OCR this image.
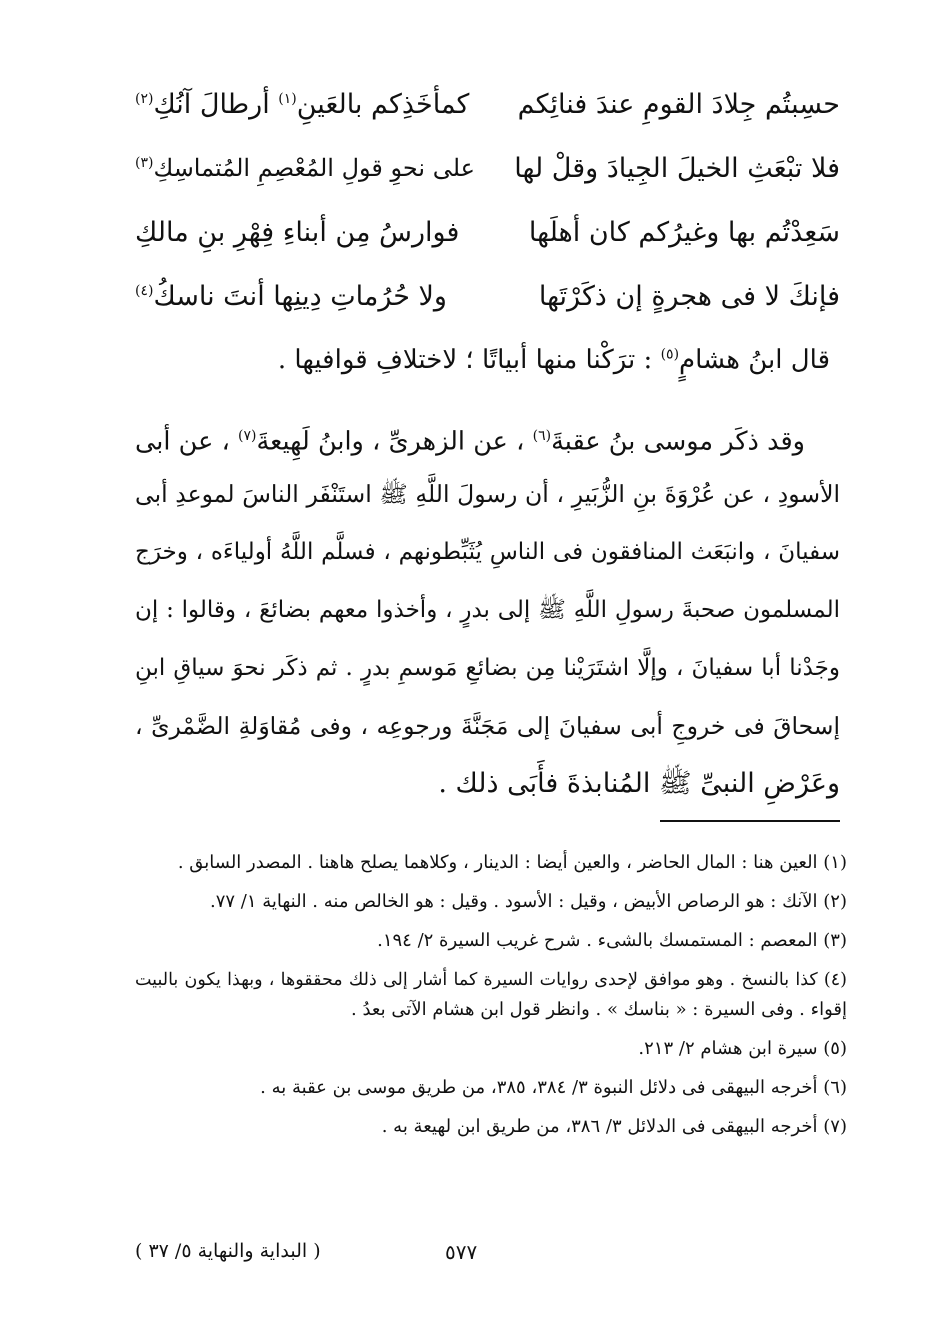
حسِبتُم جِلادَ القومِ عندَ فنائِكم
كمأخَذِكم بالعَينِ$^{(١)}$ أرطالَ آنُكِ$^{(٢)}$
فلا تبْعَثِ الخيلَ الجِيادَ وقلْ لها
على نحوِ قولِ المُعْصِمِ المُتماسِكِ$^{(٣)}$
سَعِدْتُم بها وغيرُكم كان أهلَها
فوارسُ مِن أبناءِ فِهْرِ بنِ مالكِ
فإنكَ لا فى هجرةٍ إن ذكَرْتَها
ولا حُرُماتِ دِينِها أنتَ ناسكُ$^{(٤)}$
قال ابنُ هشامٍ$^{(٥)}$ : ترَكْنا منها أبياتًا ؛ لاختلافِ قوافيها .
وقد ذكَر موسى بنُ عقبةَ$^{(٦)}$ ، عن الزهرىِّ ، وابنُ لَهِيعةَ$^{(٧)}$ ، عن أبى
الأسودِ ، عن عُرْوَةَ بنِ الزُّبَيرِ ، أن رسولَ اللَّهِ ﷺ استَنْفَر الناسَ لموعدِ أبى
سفيانَ ، وانبَعَث المنافقون فى الناسِ يُثَبِّطونهم ، فسلَّم اللَّهُ أولياءَه ، وخرَج
المسلمون صحبةَ رسولِ اللَّهِ ﷺ إلى بدرٍ ، وأخذوا معهم بضائعَ ، وقالوا : إن
وجَدْنا أبا سفيانَ ، وإلَّا اشتَرَيْنا مِن بضائعِ مَوسمِ بدرٍ . ثم ذكَر نحوَ سياقِ ابنِ
إسحاقَ فى خروجِ أبى سفيانَ إلى مَجَنَّةَ ورجوعِه ، وفى مُقاوَلةِ الضَّمْرىِّ ،
وعَرْضِ النبىِّ ﷺ المُنابذةَ فأَبَى ذلك .
(١) العين هنا : المال الحاضر ، والعين أيضا : الدينار ، وكلاهما يصلح هاهنا . المصدر السابق .
(٢) الآنك : هو الرصاص الأبيض ، وقيل : الأسود . وقيل : هو الخالص منه . النهاية ١/ ٧٧.
(٣) المعصم : المستمسك بالشىء . شرح غريب السيرة ٢/ ١٩٤.
(٤) كذا بالنسخ . وهو موافق لإحدى روايات السيرة كما أشار إلى ذلك محققوها ، وبهذا يكون بالبيت
إقواء . وفى السيرة : « بناسك » . وانظر قول ابن هشام الآتى بعدُ .
(٥) سيرة ابن هشام ٢/ ٢١٣.
(٦) أخرجه البيهقى فى دلائل النبوة ٣/ ٣٨٤، ٣٨٥، من طريق موسى بن عقبة به .
(٧) أخرجه البيهقى فى الدلائل ٣/ ٣٨٦، من طريق ابن لهيعة به .
٥٧٧
( البداية والنهاية ٥/ ٣٧ )
